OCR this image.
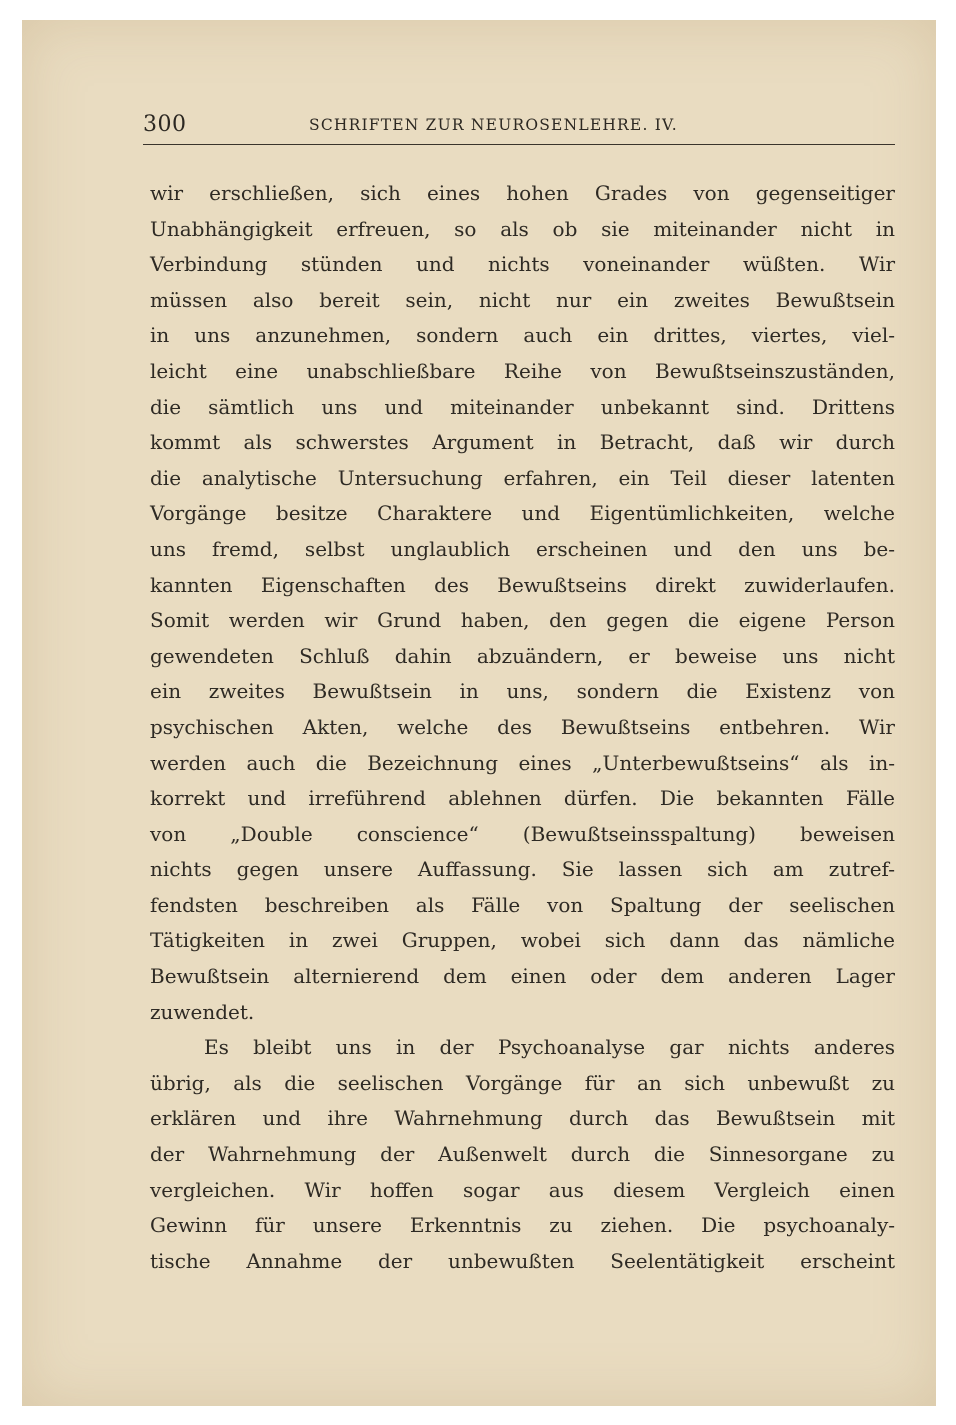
300	SCHRIFTEN ZUR NEUROSENLEHRE. IV.
wir erschließen, sich eines hohen Grades von gegenseitiger
Unabhängigkeit erfreuen, so als ob sie miteinander nicht in
Verbindung stünden und nichts voneinander wüßten. Wir
müssen also bereit sein, nicht nur ein zweites Bewußtsein
in uns anzunehmen, sondern auch ein drittes, viertes, viel-
leicht eine unabschließbare Reihe von Bewußtseinszuständen,
die sämtlich uns und miteinander unbekannt sind. Drittens
kommt als schwerstes Argument in Betracht, daß wir durch
die analytische Untersuchung erfahren, ein Teil dieser latenten
Vorgänge besitze Charaktere und Eigentümlichkeiten, welche
uns fremd, selbst unglaublich erscheinen und den uns be-
kannten Eigenschaften des Bewußtseins direkt zuwiderlaufen.
Somit werden wir Grund haben, den gegen die eigene Person
gewendeten Schluß dahin abzuändern, er beweise uns nicht
ein zweites Bewußtsein in uns, sondern die Existenz von
psychischen Akten, welche des Bewußtseins entbehren. Wir
werden auch die Bezeichnung eines „Unterbewußtseins“ als in-
korrekt und irreführend ablehnen dürfen. Die bekannten Fälle
von „Double conscience“ (Bewußtseinsspaltung) beweisen
nichts gegen unsere Auffassung. Sie lassen sich am zutref-
fendsten beschreiben als Fälle von Spaltung der seelischen
Tätigkeiten in zwei Gruppen, wobei sich dann das nämliche
Bewußtsein alternierend dem einen oder dem anderen Lager
zuwendet.
Es bleibt uns in der Psychoanalyse gar nichts anderes
übrig, als die seelischen Vorgänge für an sich unbewußt zu
erklären und ihre Wahrnehmung durch das Bewußtsein mit
der Wahrnehmung der Außenwelt durch die Sinnesorgane zu
vergleichen. Wir hoffen sogar aus diesem Vergleich einen
Gewinn für unsere Erkenntnis zu ziehen. Die psychoanaly-
tische Annahme der unbewußten Seelentätigkeit erscheint
